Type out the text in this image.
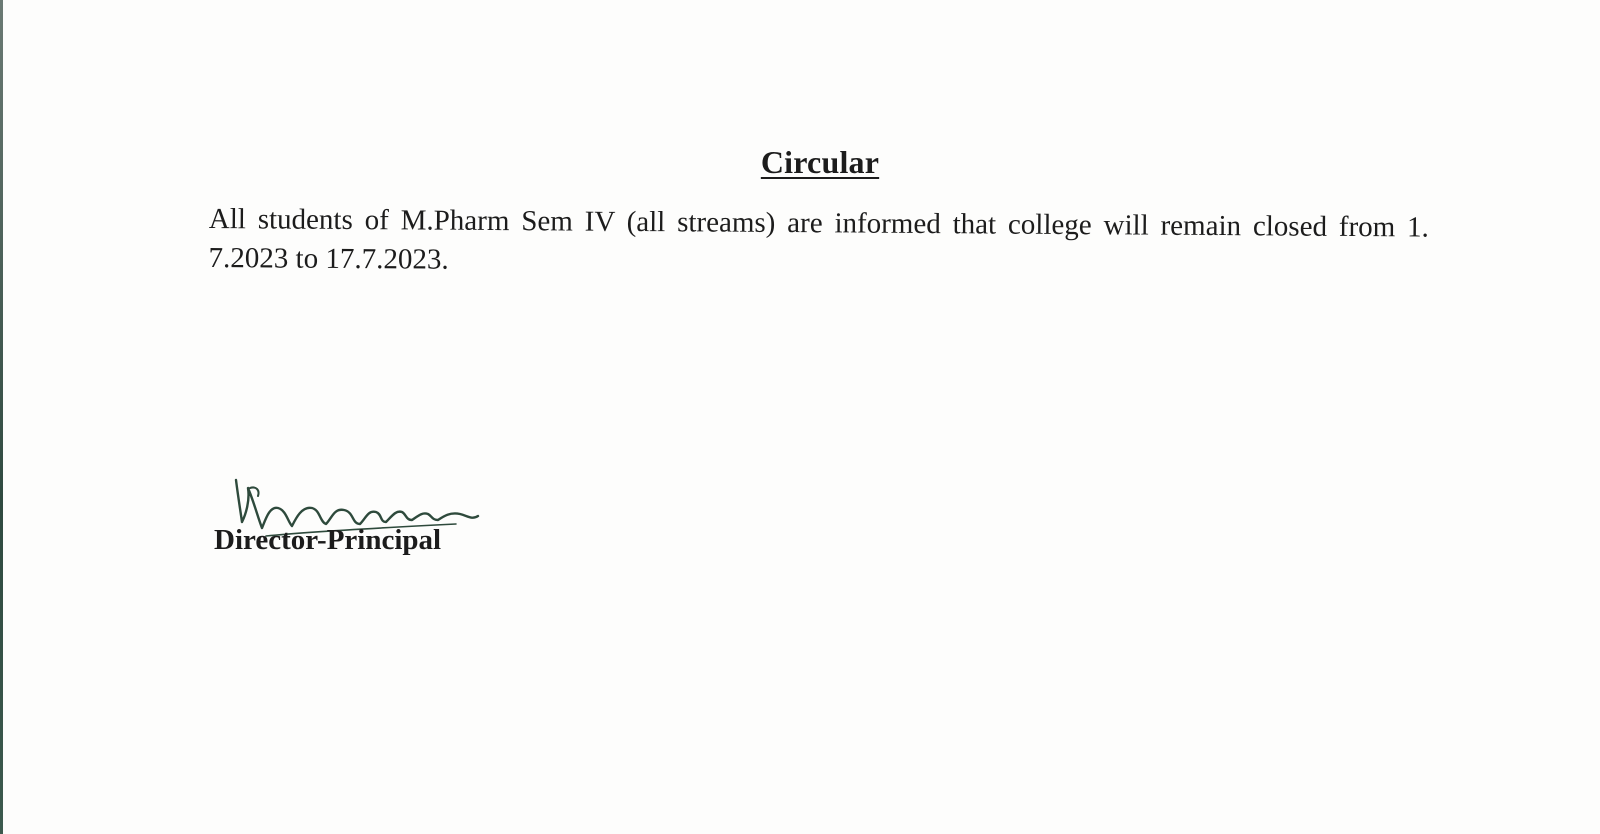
Circular
All students of M.Pharm Sem IV (all streams) are informed that college will remain closed from 1. 7.2023 to 17.7.2023.
Director-Principal
